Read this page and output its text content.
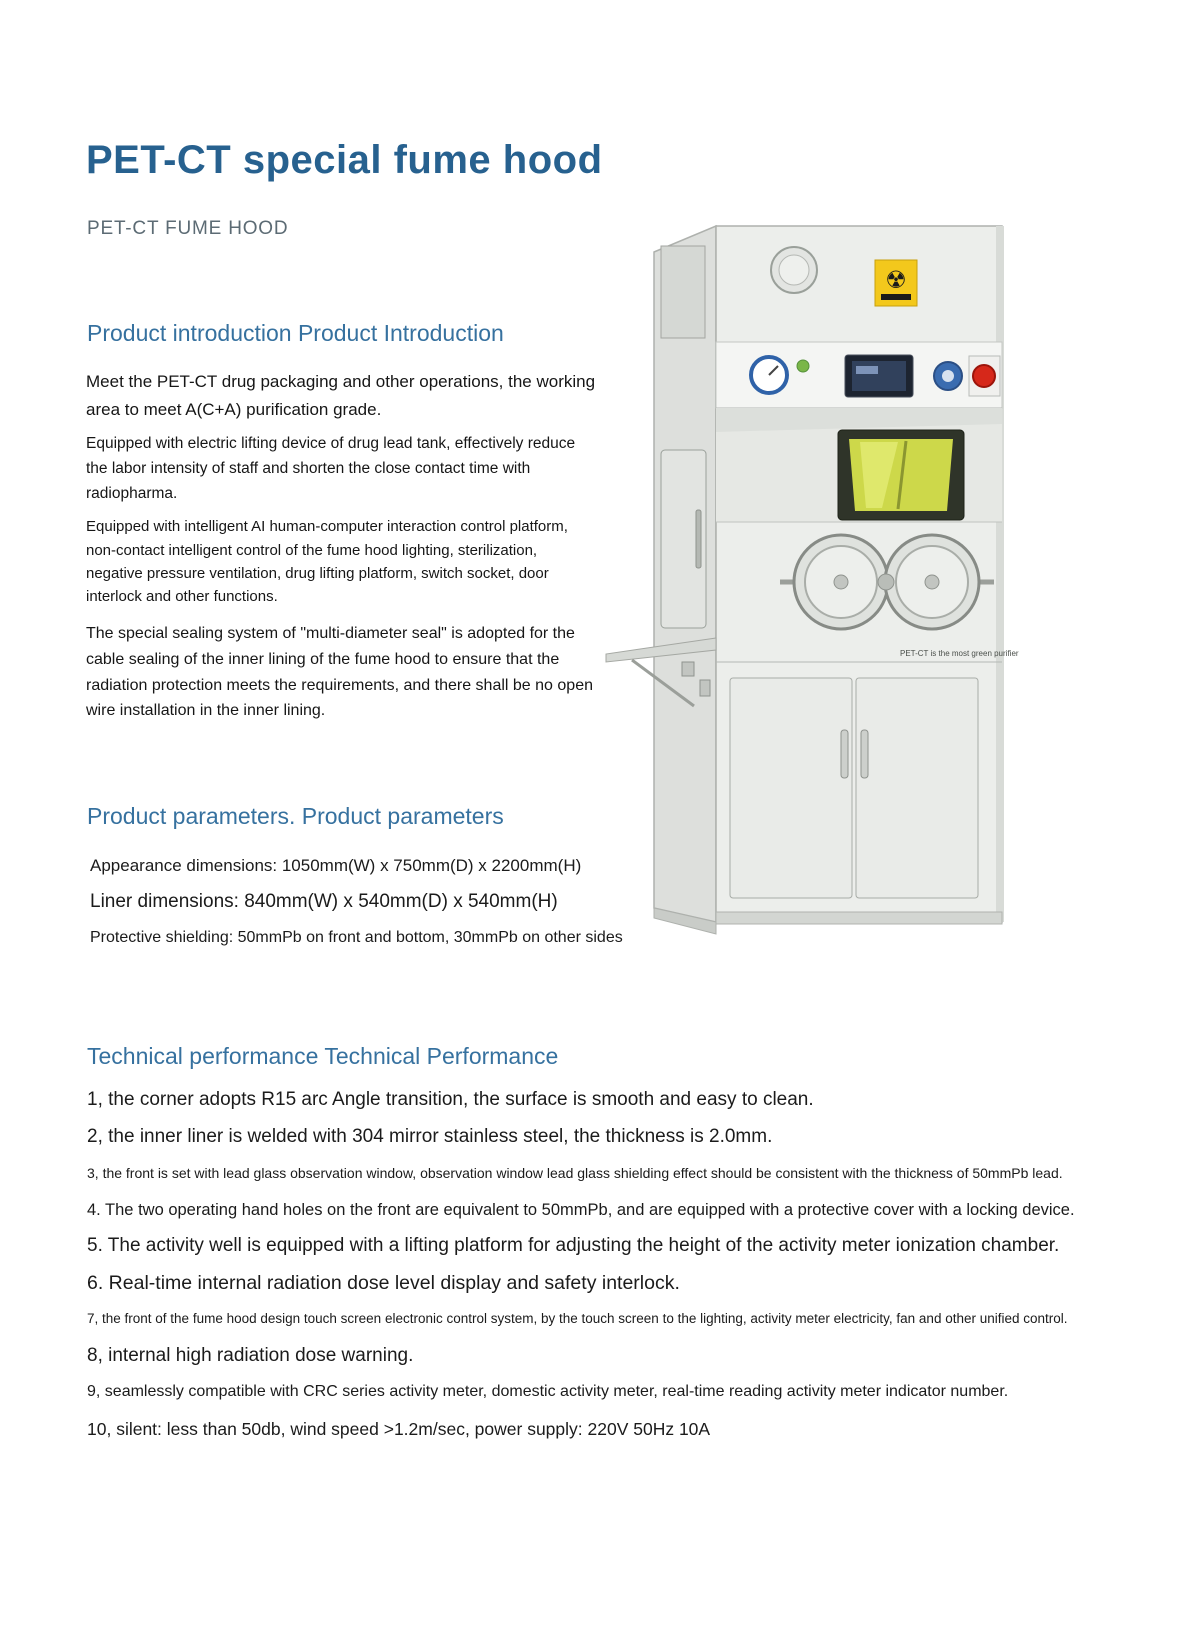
PET-CT special fume hood
PET-CT FUME HOOD
Product introduction Product Introduction

Meet the PET-CT drug packaging and other operations, the working area to meet A(C+A) purification grade.

Equipped with electric lifting device of drug lead tank, effectively reduce the labor intensity of staff and shorten the close contact time with radiopharma.

Equipped with intelligent AI human-computer interaction control platform, non-contact intelligent control of the fume hood lighting, sterilization, negative pressure ventilation, drug lifting platform, switch socket, door interlock and other functions.

The special sealing system of "multi-diameter seal" is adopted for the cable sealing of the inner lining of the fume hood to ensure that the radiation protection meets the requirements, and there shall be no open wire installation in the inner lining.

☢
PET-CT is the most green purifier
Product parameters. Product parameters
Appearance dimensions: 1050mm(W) x 750mm(D) x 2200mm(H)
Liner dimensions: 840mm(W) x 540mm(D) x 540mm(H)
Protective shielding: 50mmPb on front and bottom, 30mmPb on other sides
Technical performance Technical Performance
1, the corner adopts R15 arc Angle transition, the surface is smooth and easy to clean.
2, the inner liner is welded with 304 mirror stainless steel, the thickness is 2.0mm.
3, the front is set with lead glass observation window, observation window lead glass shielding effect should be consistent with the thickness of 50mmPb lead.
4. The two operating hand holes on the front are equivalent to 50mmPb, and are equipped with a protective cover with a locking device.
5. The activity well is equipped with a lifting platform for adjusting the height of the activity meter ionization chamber.
6. Real-time internal radiation dose level display and safety interlock.
7, the front of the fume hood design touch screen electronic control system, by the touch screen to the lighting, activity meter electricity, fan and other unified control.
8, internal high radiation dose warning.
9, seamlessly compatible with CRC series activity meter, domestic activity meter, real-time reading activity meter indicator number.
10, silent: less than 50db, wind speed >1.2m/sec, power supply: 220V 50Hz 10A
